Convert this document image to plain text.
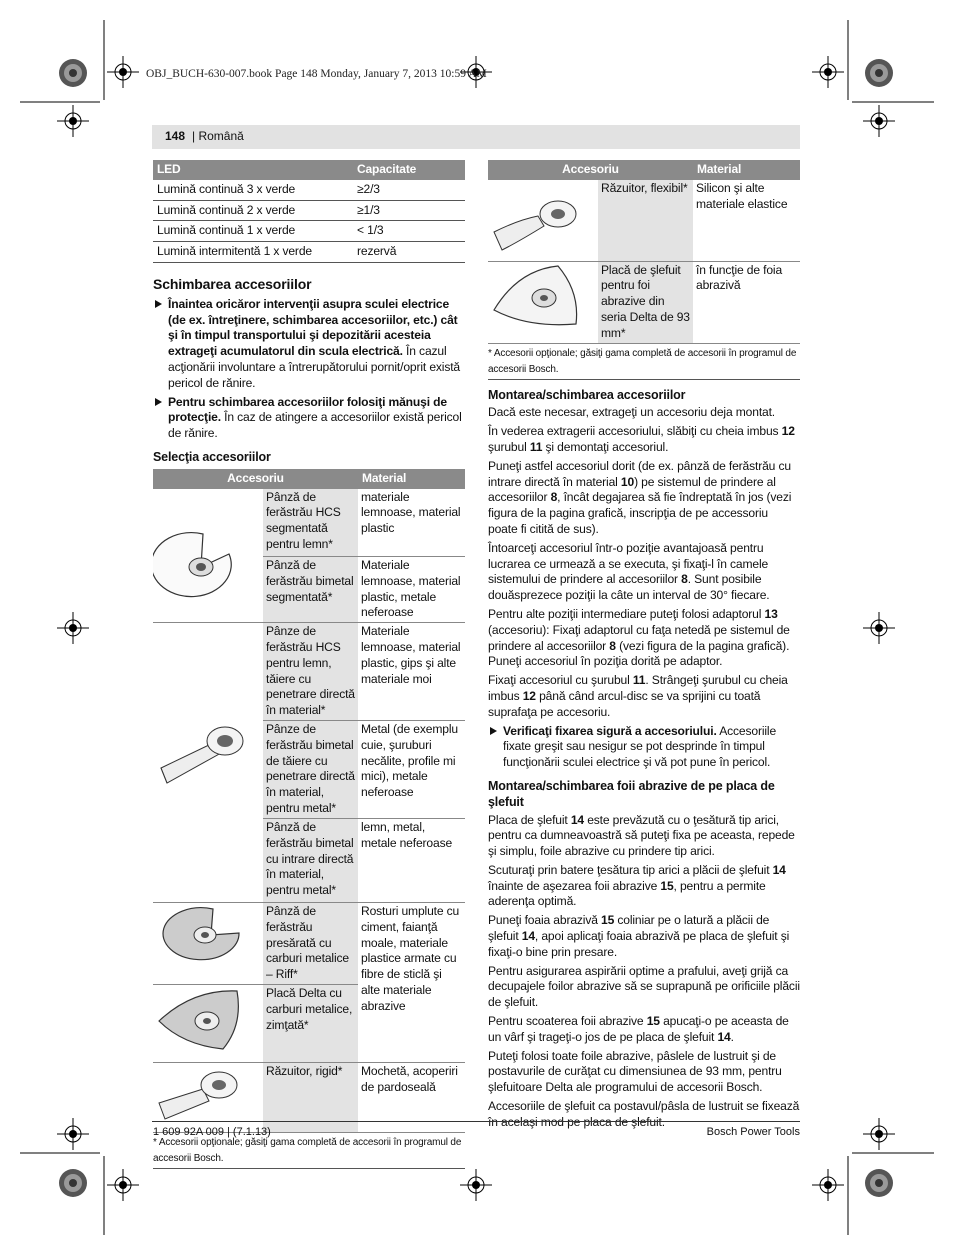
OBJ_BUCH-630-007.book Page 148 Monday, January 7, 2013 10:59 AM
148 | Română
LED	Capacitate
Lumină continuă 3 x verde	≥2/3
Lumină continuă 2 x verde	≥1/3
Lumină continuă 1 x verde	< 1/3
Lumină intermitentă 1 x verde	rezervă
Schimbarea accesoriilor
Înaintea oricăror intervenţii asupra sculei electrice (de ex. întreţinere, schimbarea accesoriilor, etc.) cât şi în timpul transportului şi depozitării acesteia extrageţi acumulatorul din scula electrică. În cazul acţionării involuntare a întrerupătorului pornit/oprit există pericol de rănire.
Pentru schimbarea accesoriilor folosiţi mănuşi de protecţie. În caz de atingere a accesoriilor există pericol de rănire.
Selecţia accesoriilor
Accesoriu		Material
	Pânză de ferăstrău HCS segmentată pentru lemn*	materiale lemnoase, material plastic
	Pânză de ferăstrău bimetal segmentată*	Materiale lemnoase, material plastic, metale neferoase
	Pânze de ferăstrău HCS pentru lemn, tăiere cu penetrare directă în material*	Materiale lemnoase, material plastic, gips şi alte materiale moi
	Pânze de ferăstrău bimetal de tăiere cu penetrare directă în material, pentru metal*	Metal (de exemplu cuie, şuruburi necălite, profile mi mici), metale neferoase
	Pânză de ferăstrău bimetal cu intrare directă în material, pentru metal*	lemn, metal, metale neferoase
	Pânză de ferăstrău presărată cu carburi metalice – Riff*	Rosturi umplute cu ciment, faianţă moale, materiale plastice armate cu fibre de sticlă şi alte materiale abrazive
	Placă Delta cu carburi metalice, zimţată*	
	Răzuitor, rigid*	Mochetă, acoperiri de pardoseală
* Accesorii opţionale; găsiţi gama completă de accesorii în programul de accesorii Bosch.
Accesoriu		Material
	Răzuitor, flexibil*	Silicon şi alte materiale elastice
	Placă de şlefuit pentru foi abrazive din seria Delta de 93 mm*	în funcţie de foia abrazivă
* Accesorii opţionale; găsiţi gama completă de accesorii în programul de accesorii Bosch.
Montarea/schimbarea accesoriilor

Dacă este necesar, extrageţi un accesoriu deja montat.

În vederea extragerii accesoriului, slăbiţi cu cheia imbus 12 şurubul 11 şi demontaţi accesoriul.

Puneţi astfel accesoriul dorit (de ex. pânză de ferăstrău cu intrare directă în material 10) pe sistemul de prindere al accesoriilor 8, încât degajarea să fie îndreptată în jos (vezi figura de la pagina grafică, inscripţia de pe accessoriu poate fi citită de sus).

Întoarceţi accesoriul într-o poziţie avantajoasă pentru lucrarea ce urmează a se executa, şi fixaţi-l în camele sistemului de prindere al accesoriilor 8. Sunt posibile douăsprezece poziţii la câte un interval de 30° fiecare.

Pentru alte poziţii intermediare puteţi folosi adaptorul 13 (accesoriu): Fixaţi adaptorul cu faţa netedă pe sistemul de prindere al accesoriilor 8 (vezi figura de la pagina grafică). Puneţi accesoriul în poziţia dorită pe adaptor.

Fixaţi accesoriul cu şurubul 11. Strângeţi şurubul cu cheia imbus 12 până când arcul-disc se va sprijini cu toată suprafaţa pe accesoriu.

Verificaţi fixarea sigură a accesoriului. Accesoriile fixate greşit sau nesigur se pot desprinde în timpul funcţionării sculei electrice şi vă pot pune în pericol.
Montarea/schimbarea foii abrazive de pe placa de şlefuit

Placa de şlefuit 14 este prevăzută cu o ţesătură tip arici, pentru ca dumneavoastră să puteţi fixa pe aceasta, repede şi simplu, foile abrazive cu prindere tip arici.

Scuturaţi prin batere ţesătura tip arici a plăcii de şlefuit 14 înainte de aşezarea foii abrazive 15, pentru a permite aderenţa optimă.

Puneţi foaia abrazivă 15 coliniar pe o latură a plăcii de şlefuit 14, apoi aplicaţi foaia abrazivă pe placa de şlefuit şi fixaţi-o bine prin presare.

Pentru asigurarea aspirării optime a prafului, aveţi grijă ca decupajele foilor abrazive să se suprapună pe orificiile plăcii de şlefuit.

Pentru scoaterea foii abrazive 15 apucaţi-o pe aceasta de un vârf şi trageţi-o jos de pe placa de şlefuit 14.

Puteţi folosi toate foile abrazive, pâslele de lustruit şi de postavurile de curăţat cu dimensiunea de 93 mm, pentru şlefuitoare Delta ale programului de accesorii Bosch.

Accesoriile de şlefuit ca postavul/pâsla de lustruit se fixează

1 609 92A 009 | (7.1.13)	Bosch Power Tools
